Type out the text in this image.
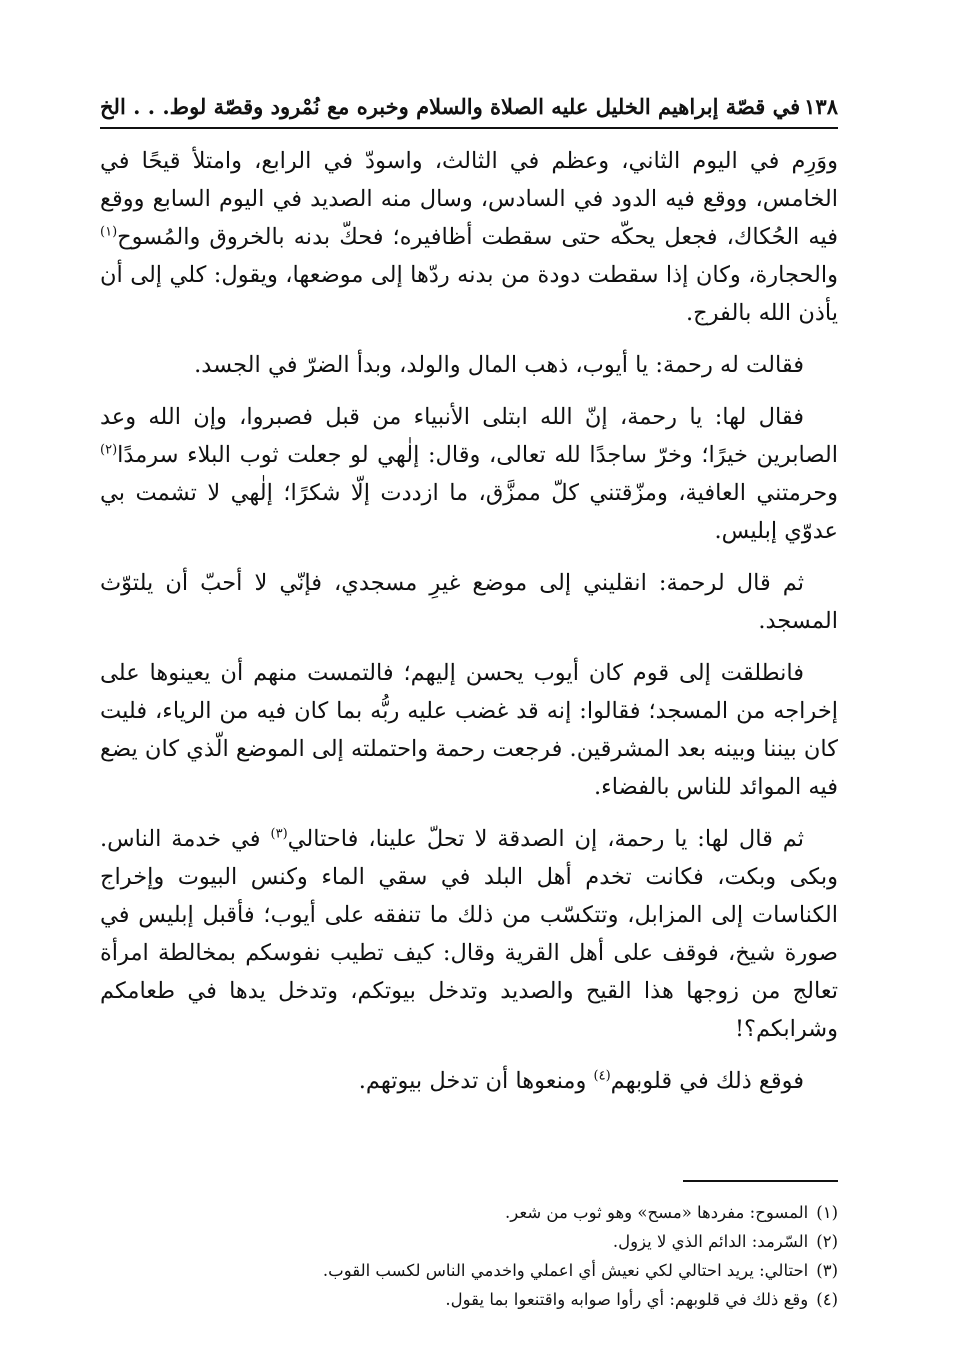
١٣٨
في قصّة إبراهيم الخليل عليه الصلاة والسلام وخبره مع نُمْرود وقصّة لوط. . . الخ

ووَرِم في اليوم الثاني، وعظم في الثالث، واسودّ في الرابع، وامتلأ قيحًا في الخامس، ووقع فيه الدود في السادس، وسال منه الصديد في اليوم السابع ووقع فيه الحُكاك، فجعل يحكّه حتى سقطت أظافيره؛ فحكّ بدنه بالخروق والمُسوح$^{(١)}$ والحجارة، وكان إذا سقطت دودة من بدنه ردّها إلى موضعها، ويقول: كلي إلى أن يأذن الله بالفرج.

فقالت له رحمة: يا أيوب، ذهب المال والولد، وبدأ الضرّ في الجسد.

فقال لها: يا رحمة، إنّ الله ابتلى الأنبياء من قبل فصبروا، وإن الله وعد الصابرين خيرًا؛ وخرّ ساجدًا لله تعالى، وقال: إلٰهي لو جعلت ثوب البلاء سرمدًا$^{(٢)}$ وحرمتني العافية، ومزّقتني كلّ ممزَّق، ما ازددت إلّا شكرًا؛ إلٰهي لا تشمت بي عدوّي إبليس.

ثم قال لرحمة: انقليني إلى موضع غيرِ مسجدي، فإنّي لا أحبّ أن يلتوّث المسجد.

فانطلقت إلى قوم كان أيوب يحسن إليهم؛ فالتمست منهم أن يعينوها على إخراجه من المسجد؛ فقالوا: إنه قد غضب عليه ربُّه بما كان فيه من الرياء، فليت كان بيننا وبينه بعد المشرقين. فرجعت رحمة واحتملته إلى الموضع الّذي كان يضع فيه الموائد للناس بالفضاء.

ثم قال لها: يا رحمة، إن الصدقة لا تحلّ علينا، فاحتالي$^{(٣)}$ في خدمة الناس. وبكى وبكت، فكانت تخدم أهل البلد في سقي الماء وكنس البيوت وإخراج الكناسات إلى المزابل، وتتكسّب من ذلك ما تنفقه على أيوب؛ فأقبل إبليس في صورة شيخ، فوقف على أهل القرية وقال: كيف تطيب نفوسكم بمخالطة امرأة تعالج من زوجها هذا القيح والصديد وتدخل بيوتكم، وتدخل يدها في طعامكم وشرابكم؟!

فوقع ذلك في قلوبهم$^{(٤)}$ ومنعوها أن تدخل بيوتهم.

(١)
المسوح: مفردها «مسح» وهو ثوب من شعر.
(٢)
السّرمد: الدائم الذي لا يزول.
(٣)
احتالي: يريد احتالي لكي نعيش أي اعملي واخدمي الناس لكسب القوب.
(٤)
وقع ذلك في قلوبهم: أي رأوا صوابه واقتنعوا بما يقول.
